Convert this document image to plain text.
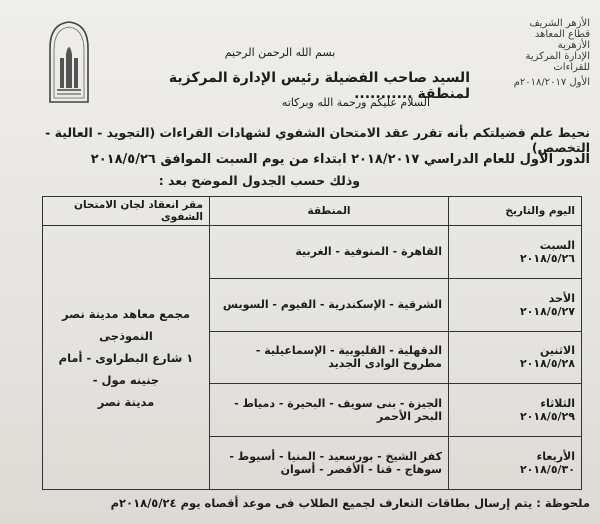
الأزهر الشريف
قطاع المعاهد الأزهرية
الإدارة المركزية للقراءات
الأول ٢٠١٨/٢٠١٧م
بسم الله الرحمن الرحيم
السيد صاحب الفضيلة رئيس الإدارة المركزية لمنطقة ...........
السلام عليكم ورحمة الله وبركاته
نحيط علم فضيلتكم بأنه تقرر عقد الامتحان الشفوي لشهادات القراءات (التجويد - العالية - التخصص)
الدور الأول للعام الدراسي ٢٠١٨/٢٠١٧ ابتداء من يوم السبت الموافق ٢٠١٨/٥/٢٦
وذلك حسب الجدول الموضح بعد :
اليوم والتاريخ	المنطقة	مقر انعقاد لجان الامتحان الشفوى

السبت
٢٠١٨/٥/٢٦	القاهرة - المنوفية - الغربية	مجمع معاهد مدينة نصر النموذجى
١ شارع البطراوى - أمام جنينه مول -
مدينة نصر

الأحد
٢٠١٨/٥/٢٧	الشرقية - الإسكندرية - الفيوم - السويس	

الاثنين
٢٠١٨/٥/٢٨	الدقهلية - القليوبية - الإسماعيلية - مطروح الوادى الجديد	

الثلاثاء
٢٠١٨/٥/٢٩	الجيزة - بنى سويف - البحيرة - دمياط - البحر الأحمر	

الأربعاء
٢٠١٨/٥/٣٠	كفر الشيخ - بورسعيد - المنيا - أسيوط - سوهاج - قنا - الأقصر - أسوان	
ملحوظة : يتم إرسال بطاقات التعارف لجميع الطلاب فى موعد أقصاه يوم ٢٠١٨/٥/٢٤م
